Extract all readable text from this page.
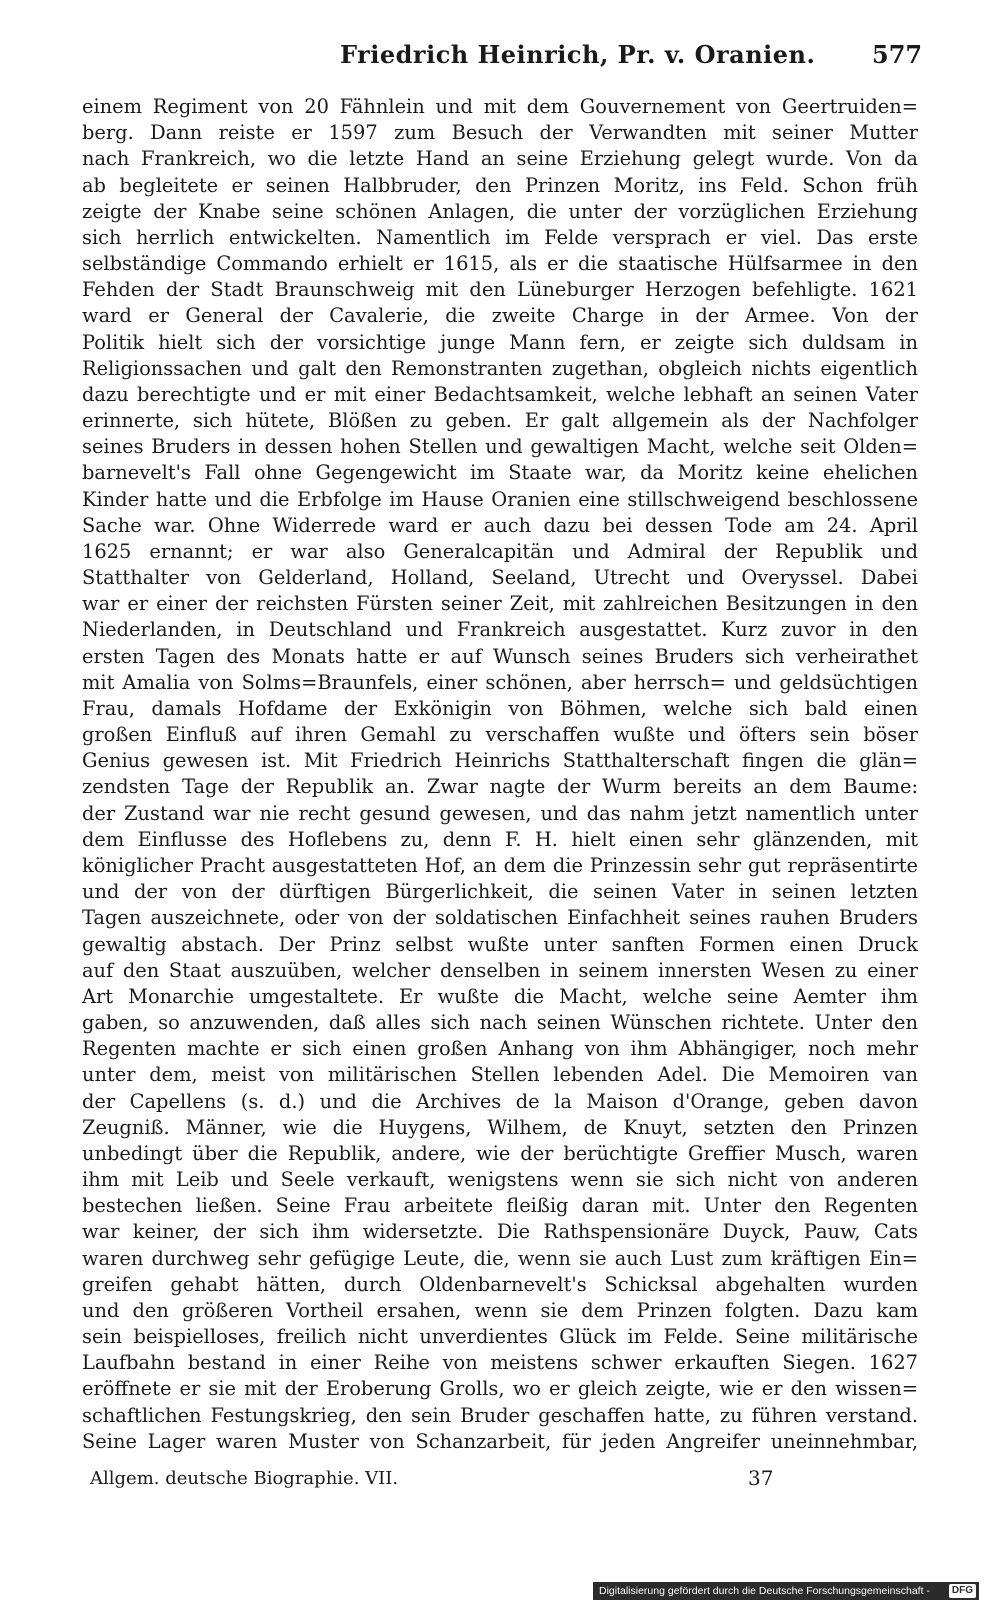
Friedrich Heinrich, Pr. v. Oranien. 577
einem Regiment von 20 Fähnlein und mit dem Gouvernement von Geertruiden=
berg. Dann reiste er 1597 zum Besuch der Verwandten mit seiner Mutter
nach Frankreich, wo die letzte Hand an seine Erziehung gelegt wurde. Von da
ab begleitete er seinen Halbbruder, den Prinzen Moritz, ins Feld. Schon früh
zeigte der Knabe seine schönen Anlagen, die unter der vorzüglichen Erziehung
sich herrlich entwickelten. Namentlich im Felde versprach er viel. Das erste
selbständige Commando erhielt er 1615, als er die staatische Hülfsarmee in den
Fehden der Stadt Braunschweig mit den Lüneburger Herzogen befehligte. 1621
ward er General der Cavalerie, die zweite Charge in der Armee. Von der
Politik hielt sich der vorsichtige junge Mann fern, er zeigte sich duldsam in
Religionssachen und galt den Remonstranten zugethan, obgleich nichts eigentlich
dazu berechtigte und er mit einer Bedachtsamkeit, welche lebhaft an seinen Vater
erinnerte, sich hütete, Blößen zu geben. Er galt allgemein als der Nachfolger
seines Bruders in dessen hohen Stellen und gewaltigen Macht, welche seit Olden=
barnevelt's Fall ohne Gegengewicht im Staate war, da Moritz keine ehelichen
Kinder hatte und die Erbfolge im Hause Oranien eine stillschweigend beschlossene
Sache war. Ohne Widerrede ward er auch dazu bei dessen Tode am 24. April
1625 ernannt; er war also Generalcapitän und Admiral der Republik und
Statthalter von Gelderland, Holland, Seeland, Utrecht und Overyssel. Dabei
war er einer der reichsten Fürsten seiner Zeit, mit zahlreichen Besitzungen in den
Niederlanden, in Deutschland und Frankreich ausgestattet. Kurz zuvor in den
ersten Tagen des Monats hatte er auf Wunsch seines Bruders sich verheirathet
mit Amalia von Solms=Braunfels, einer schönen, aber herrsch= und geldsüchtigen
Frau, damals Hofdame der Exkönigin von Böhmen, welche sich bald einen
großen Einfluß auf ihren Gemahl zu verschaffen wußte und öfters sein böser
Genius gewesen ist. Mit Friedrich Heinrichs Statthalterschaft fingen die glän=
zendsten Tage der Republik an. Zwar nagte der Wurm bereits an dem Baume:
der Zustand war nie recht gesund gewesen, und das nahm jetzt namentlich unter
dem Einflusse des Hoflebens zu, denn F. H. hielt einen sehr glänzenden, mit
königlicher Pracht ausgestatteten Hof, an dem die Prinzessin sehr gut repräsentirte
und der von der dürftigen Bürgerlichkeit, die seinen Vater in seinen letzten
Tagen auszeichnete, oder von der soldatischen Einfachheit seines rauhen Bruders
gewaltig abstach. Der Prinz selbst wußte unter sanften Formen einen Druck
auf den Staat auszuüben, welcher denselben in seinem innersten Wesen zu einer
Art Monarchie umgestaltete. Er wußte die Macht, welche seine Aemter ihm
gaben, so anzuwenden, daß alles sich nach seinen Wünschen richtete. Unter den
Regenten machte er sich einen großen Anhang von ihm Abhängiger, noch mehr
unter dem, meist von militärischen Stellen lebenden Adel. Die Memoiren van
der Capellens (s. d.) und die Archives de la Maison d'Orange, geben davon
Zeugniß. Männer, wie die Huygens, Wilhem, de Knuyt, setzten den Prinzen
unbedingt über die Republik, andere, wie der berüchtigte Greffier Musch, waren
ihm mit Leib und Seele verkauft, wenigstens wenn sie sich nicht von anderen
bestechen ließen. Seine Frau arbeitete fleißig daran mit. Unter den Regenten
war keiner, der sich ihm widersetzte. Die Rathspensionäre Duyck, Pauw, Cats
waren durchweg sehr gefügige Leute, die, wenn sie auch Lust zum kräftigen Ein=
greifen gehabt hätten, durch Oldenbarnevelt's Schicksal abgehalten wurden
und den größeren Vortheil ersahen, wenn sie dem Prinzen folgten. Dazu kam
sein beispielloses, freilich nicht unverdientes Glück im Felde. Seine militärische
Laufbahn bestand in einer Reihe von meistens schwer erkauften Siegen. 1627
eröffnete er sie mit der Eroberung Grolls, wo er gleich zeigte, wie er den wissen=
schaftlichen Festungskrieg, den sein Bruder geschaffen hatte, zu führen verstand.
Seine Lager waren Muster von Schanzarbeit, für jeden Angreifer uneinnehmbar,
Allgem. deutsche Biographie. VII.	37
Digitalisierung gefördert durch die Deutsche Forschungsgemeinschaft -	DFG
